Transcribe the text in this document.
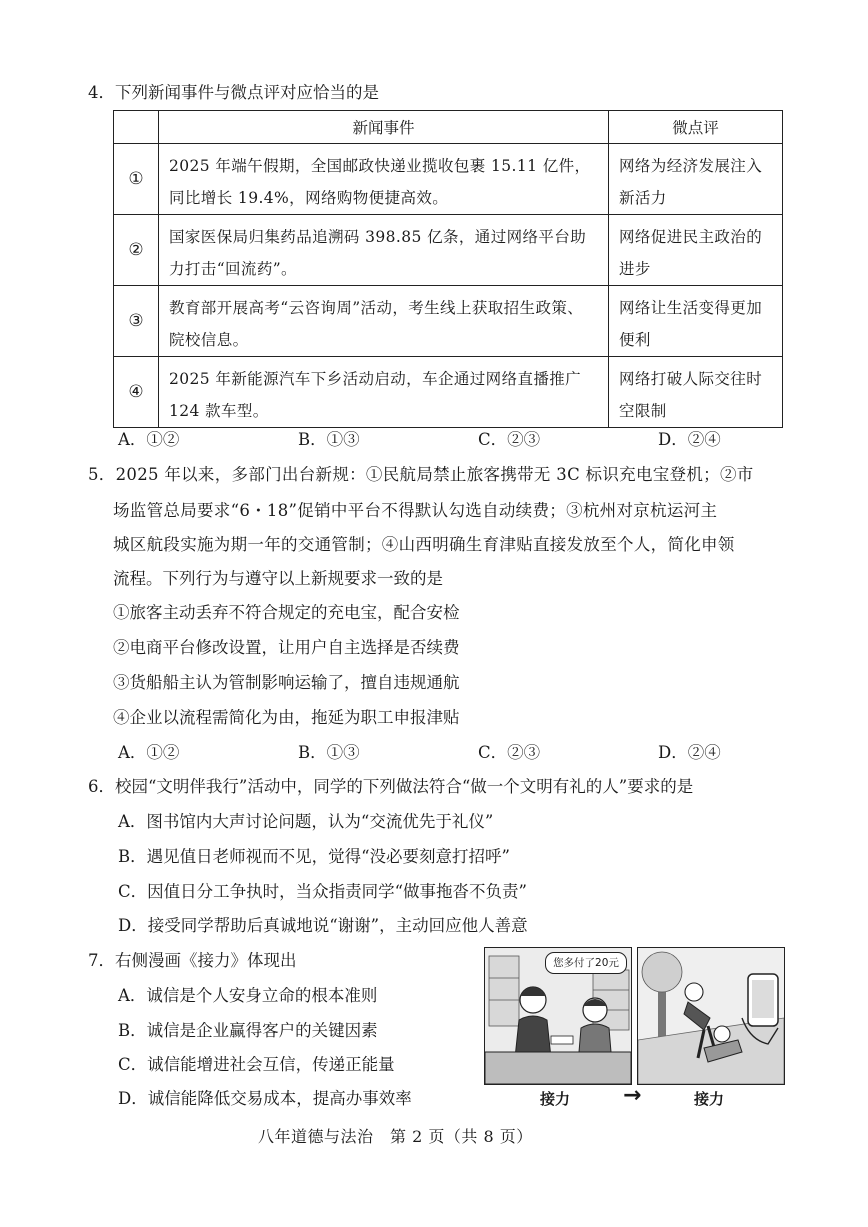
4．下列新闻事件与微点评对应恰当的是
	新闻事件	微点评
①	2025 年端午假期，全国邮政快递业揽收包裹 15.11 亿件，同比增长 19.4%，网络购物便捷高效。	网络为经济发展注入新活力
②	国家医保局归集药品追溯码 398.85 亿条，通过网络平台助力打击“回流药”。	网络促进民主政治的进步
③	教育部开展高考“云咨询周”活动，考生线上获取招生政策、院校信息。	网络让生活变得更加便利
④	2025 年新能源汽车下乡活动启动，车企通过网络直播推广 124 款车型。	网络打破人际交往时空限制
A．①②	B．①③	C．②③	D．②④
5．2025 年以来，多部门出台新规：①民航局禁止旅客携带无 3C 标识充电宝登机；②市
场监管总局要求“6・18”促销中平台不得默认勾选自动续费；③杭州对京杭运河主
城区航段实施为期一年的交通管制；④山西明确生育津贴直接发放至个人，简化申领
流程。下列行为与遵守以上新规要求一致的是
①旅客主动丢弃不符合规定的充电宝，配合安检
②电商平台修改设置，让用户自主选择是否续费
③货船船主认为管制影响运输了，擅自违规通航
④企业以流程需简化为由，拖延为职工申报津贴
A．①②	B．①③	C．②③	D．②④
6．校园“文明伴我行”活动中，同学的下列做法符合“做一个文明有礼的人”要求的是
A．图书馆内大声讨论问题，认为“交流优先于礼仪”
B．遇见值日老师视而不见，觉得“没必要刻意打招呼”
C．因值日分工争执时，当众指责同学“做事拖沓不负责”
D．接受同学帮助后真诚地说“谢谢”，主动回应他人善意
7．右侧漫画《接力》体现出
A．诚信是个人安身立命的根本准则
B．诚信是企业赢得客户的关键因素
C．诚信能增进社会互信，传递正能量
D．诚信能降低交易成本，提高办事效率
您多付了20元
接力 →	接力
八年道德与法治　第 2 页（共 8 页）
